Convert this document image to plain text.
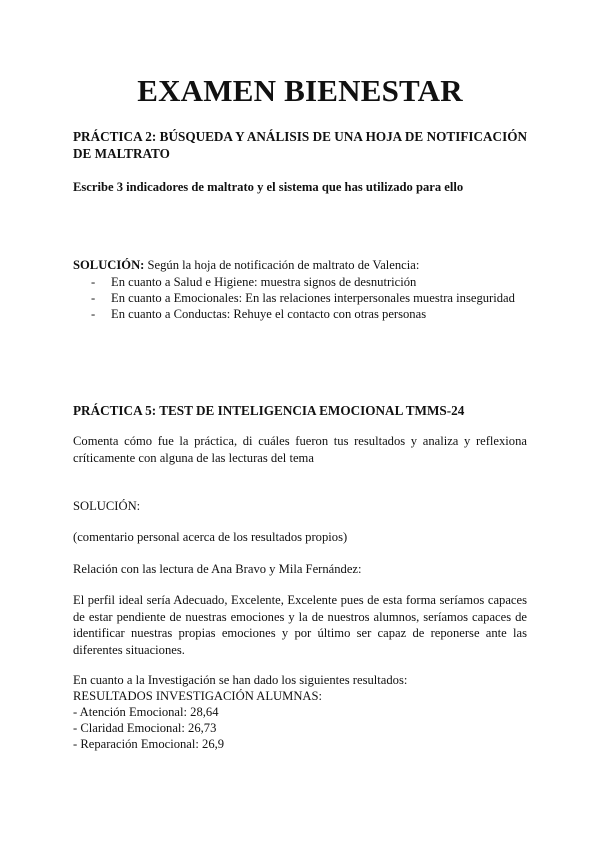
EXAMEN BIENESTAR

PRÁCTICA 2: BÚSQUEDA Y ANÁLISIS DE UNA HOJA DE NOTIFICACIÓN DE MALTRATO

Escribe 3 indicadores de maltrato y el sistema que has utilizado para ello

SOLUCIÓN: Según la hoja de notificación de maltrato de Valencia:
- En cuanto a Salud e Higiene: muestra signos de desnutrición
- En cuanto a Emocionales: En las relaciones interpersonales muestra inseguridad
- En cuanto a Conductas: Rehuye el contacto con otras personas

PRÁCTICA 5: TEST DE INTELIGENCIA EMOCIONAL TMMS-24

Comenta cómo fue la práctica, di cuáles fueron tus resultados y analiza y reflexiona críticamente con alguna de las lecturas del tema

SOLUCIÓN:

(comentario personal acerca de los resultados propios)

Relación con las lectura de Ana Bravo y Mila Fernández:

El perfil ideal sería Adecuado, Excelente, Excelente pues de esta forma seríamos capaces de estar pendiente de nuestras emociones y la de nuestros alumnos, seríamos capaces de identificar nuestras propias emociones y por último ser capaz de reponerse ante las diferentes situaciones.

En cuanto a la Investigación se han dado los siguientes resultados:

RESULTADOS INVESTIGACIÓN ALUMNAS:

- Atención Emocional: 28,64

- Claridad Emocional: 26,73

- Reparación Emocional: 26,9
